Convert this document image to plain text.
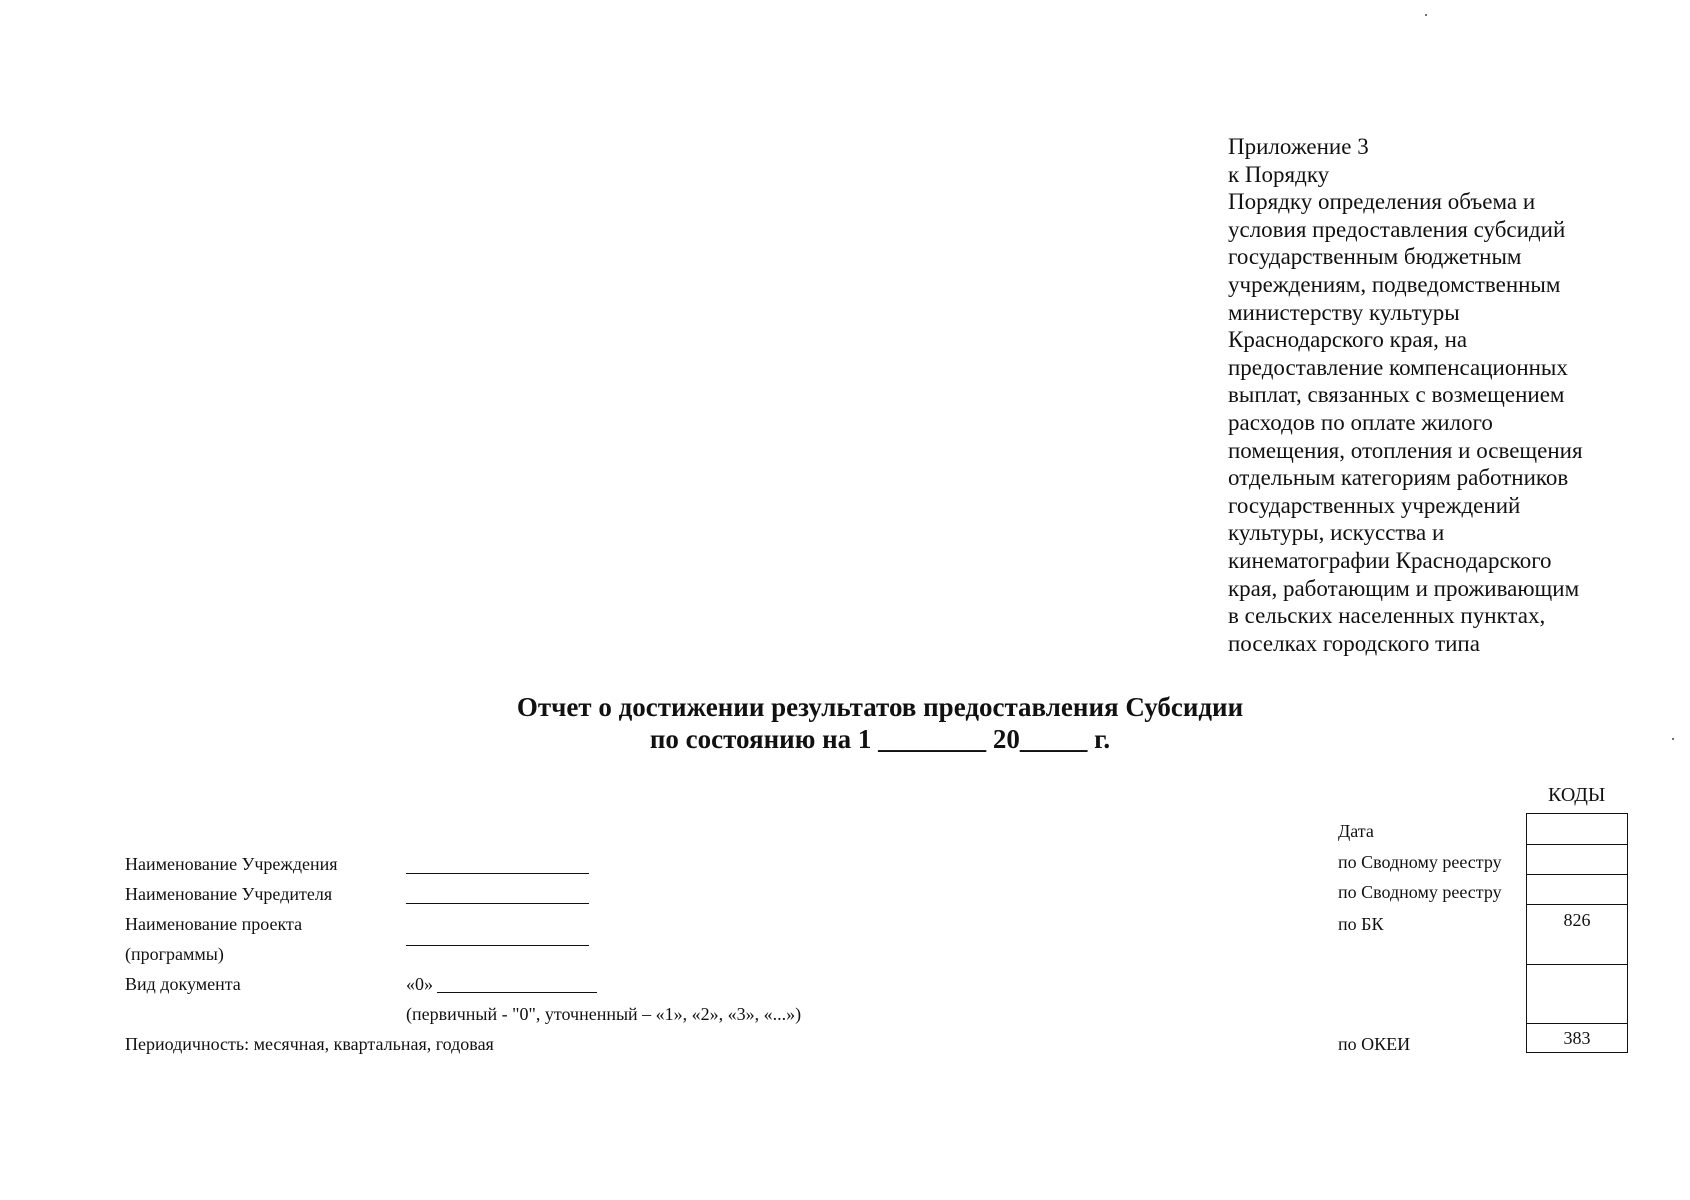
Приложение 3
к Порядку
Порядку определения объема и
условия предоставления субсидий
государственным бюджетным
учреждениям, подведомственным
министерству культуры
Краснодарского края, на
предоставление компенсационных
выплат, связанных с возмещением
расходов по оплате жилого
помещения, отопления и освещения
отдельным категориям работников
государственных учреждений
культуры, искусства и
кинематографии Краснодарского
края, работающим и проживающим
в сельских населенных пунктах,
поселках городского типа
Отчет о достижении результатов предоставления Субсидии
по состоянию на 1 ________ 20_____ г.
Наименование Учреждения
Наименование Учредителя
Наименование проекта
(программы)
Вид документа	«0»
(первичный - "0", уточненный – «1», «2», «3», «...»)
Периодичность: месячная, квартальная, годовая
КОДЫ
Дата
по Сводному реестру
по Сводному реестру
по БК
по ОКЕИ
826
383
